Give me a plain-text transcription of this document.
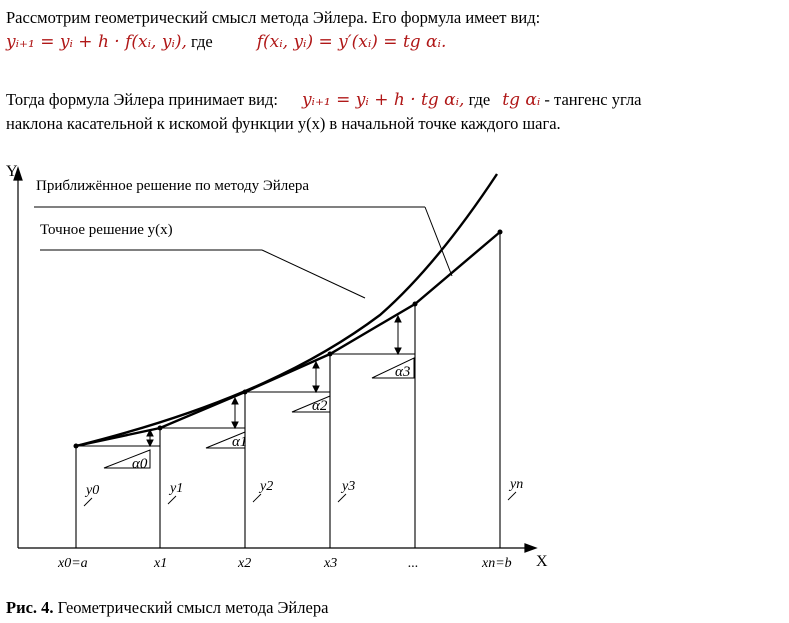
Рассмотрим геометрический смысл метода Эйлера. Его формула имеет вид:
yᵢ₊₁ = yᵢ + h · f(xᵢ, yᵢ), где	f(xᵢ, yᵢ) = y′(xᵢ) = tg αᵢ.
Тогда формула Эйлера принимает вид: yᵢ₊₁ = yᵢ + h · tg αᵢ, где tg αᵢ - тангенс угла
наклона касательной к искомой функции y(x) в начальной точке каждого шага.
Y
X
α0
α1
α2
α3
y0	y1	y2	y3	yn
x0=a	x1	x2	x3	...	xn=b
Приближённое решение по методу Эйлера
Точное решение y(x)
Рис. 4. Геометрический смысл метода Эйлера
